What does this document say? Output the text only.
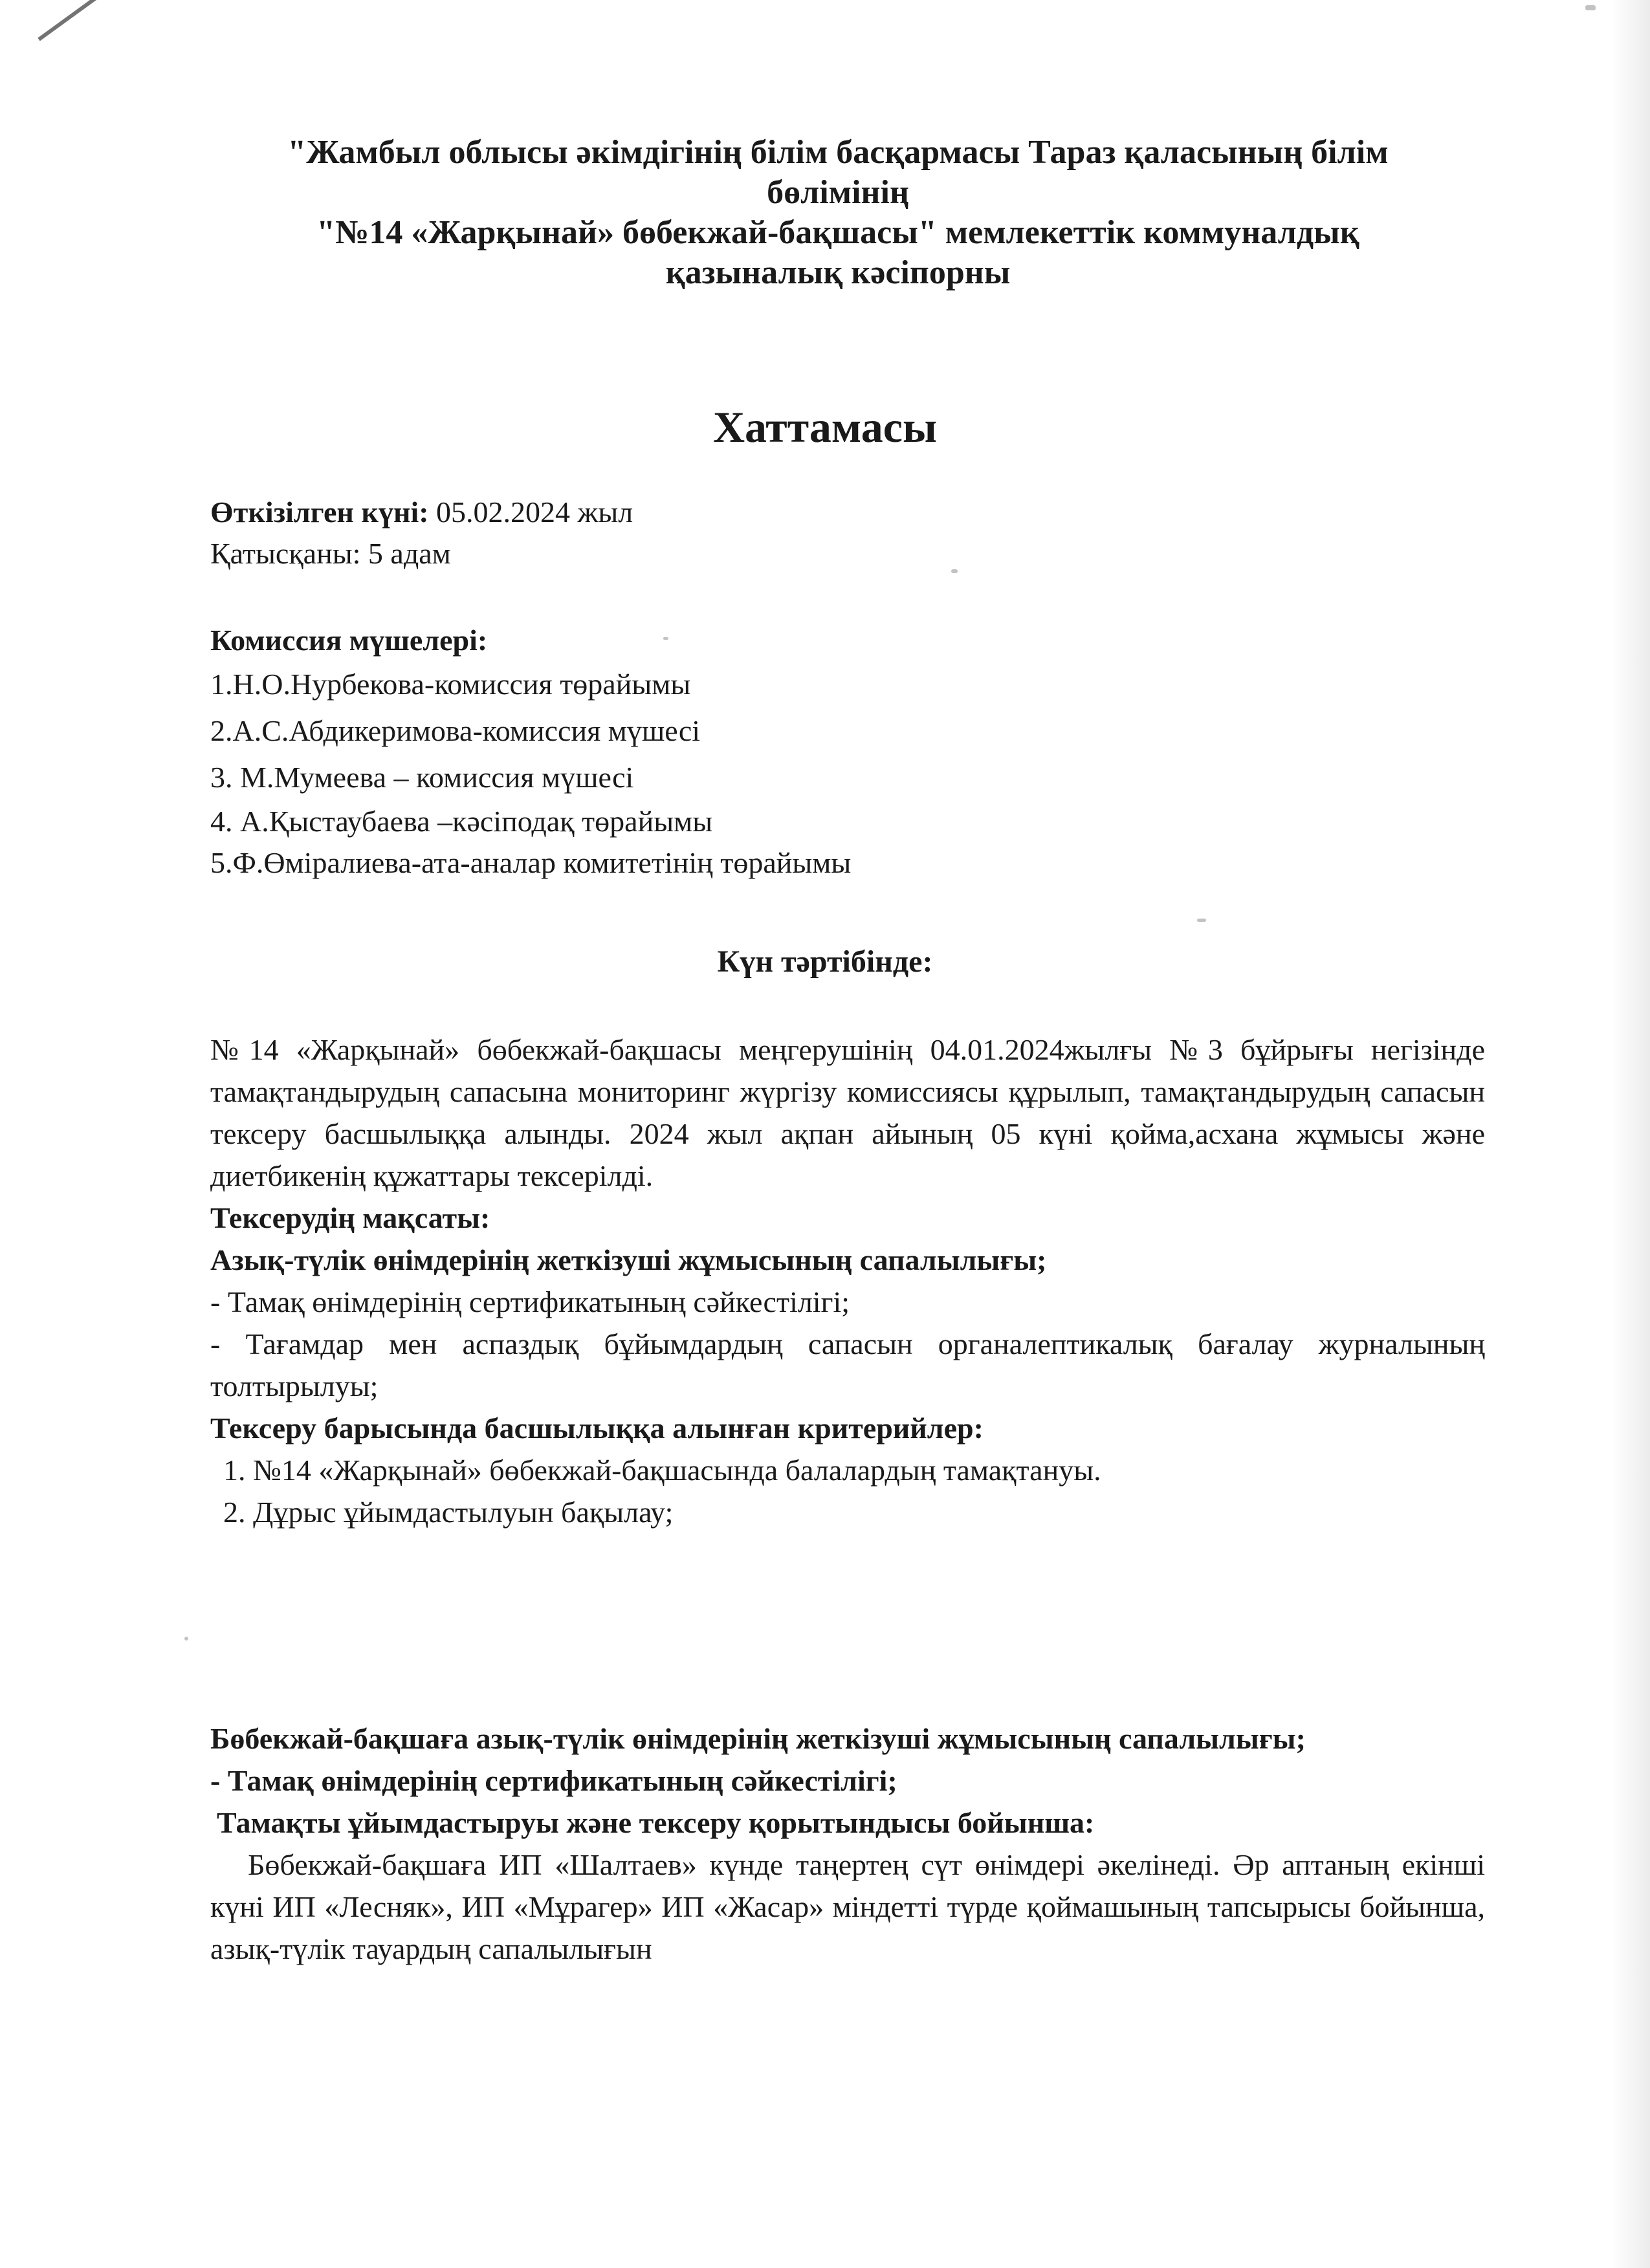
"Жамбыл облысы әкімдігінің білім басқармасы Тараз қаласының білім
бөлімінің
"№14 «Жарқынай» бөбекжай-бақшасы" мемлекеттік коммуналдық
қазыналық кәсіпорны
Хаттамасы

Өткізілген күні: 05.02.2024 жыл

Қатысқаны: 5 адам

Комиссия мүшелері:

1.Н.О.Нурбекова-комиссия төрайымы

2.А.С.Абдикеримова-комиссия мүшесі

3. М.Мумеева – комиссия мүшесі

4. А.Қыстаубаева –кәсіподақ төрайымы

5.Ф.Өміралиева-ата-аналар комитетінің төрайымы

Күн тәртібінде:

№14 «Жарқынай» бөбекжай-бақшасы меңгерушінің 04.01.2024жылғы №3 бұйрығы негізінде тамақтандырудың сапасына мониторинг жүргізу комиссиясы құрылып, тамақтандырудың сапасын тексеру басшылыққа алынды. 2024 жыл ақпан айының 05 күні қойма,асхана жұмысы және диетбикенің құжаттары тексерілді.

Тексерудің мақсаты:

Азық-түлік өнімдерінің жеткізуші жұмысының сапалылығы;

- Тамақ өнімдерінің сертификатының сәйкестілігі;

- Тағамдар мен аспаздық бұйымдардың сапасын органалептикалық бағалау журналының толтырылуы;

Тексеру барысында басшылыққа алынған критерийлер:

1. №14 «Жарқынай» бөбекжай-бақшасында балалардың тамақтануы.

2. Дұрыс ұйымдастылуын бақылау;

Бөбекжай-бақшаға азық-түлік өнімдерінің жеткізуші жұмысының сапалылығы;

- Тамақ өнімдерінің сертификатының сәйкестілігі;

Тамақты ұйымдастыруы және тексеру қорытындысы бойынша:

Бөбекжай-бақшаға ИП «Шалтаев» күнде таңертең сүт өнімдері әкелінеді. Әр аптаның екінші күні ИП «Лесняк», ИП «Мұрагер» ИП «Жасар» міндетті түрде қоймашының тапсырысы бойынша, азық-түлік тауардың сапалылығын
